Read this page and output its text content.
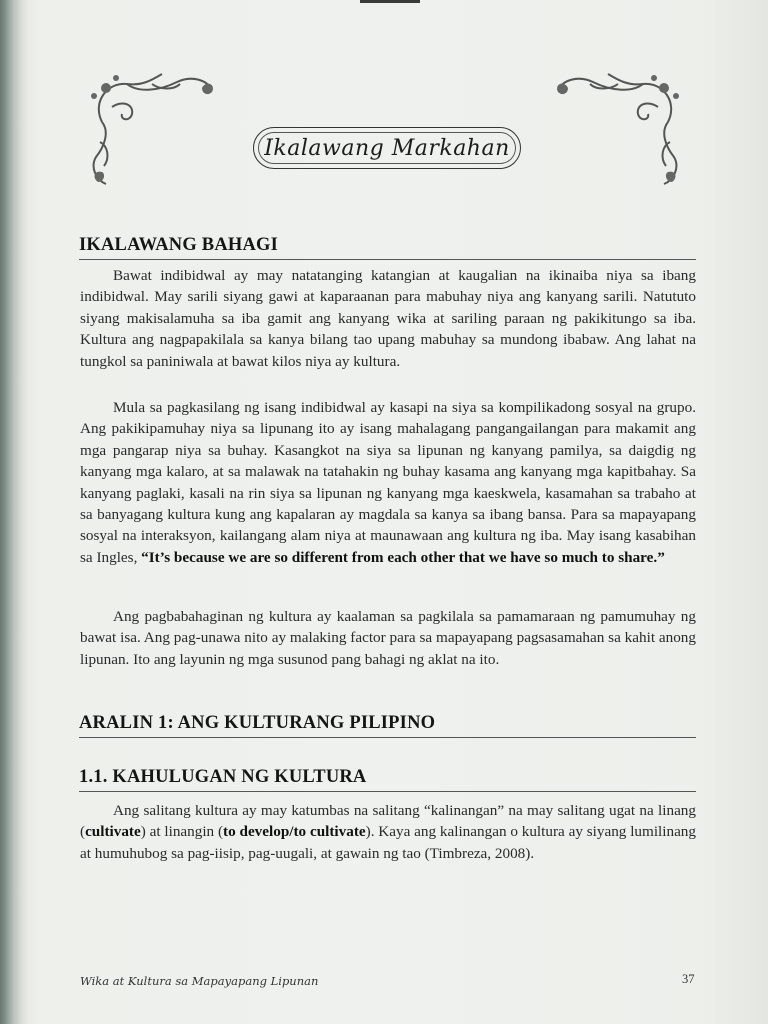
Ikalawang Markahan
IKALAWANG BAHAGI

Bawat indibidwal ay may natatanging katangian at kaugalian na ikinaiba niya sa ibang indibidwal. May sarili siyang gawi at kaparaanan para mabuhay niya ang kanyang sarili. Natututo siyang makisalamuha sa iba gamit ang kanyang wika at sariling paraan ng pakikitungo sa iba. Kultura ang nagpapakilala sa kanya bilang tao upang mabuhay sa mundong ibabaw. Ang lahat na tungkol sa paniniwala at bawat kilos niya ay kultura.

Mula sa pagkasilang ng isang indibidwal ay kasapi na siya sa kompilikadong sosyal na grupo. Ang pakikipamuhay niya sa lipunang ito ay isang mahalagang pangangailangan para makamit ang mga pangarap niya sa buhay. Kasangkot na siya sa lipunan ng kanyang pamilya, sa daigdig ng kanyang mga kalaro, at sa malawak na tatahakin ng buhay kasama ang kanyang mga kapitbahay. Sa kanyang paglaki, kasali na rin siya sa lipunan ng kanyang mga kaeskwela, kasamahan sa trabaho at sa banyagang kultura kung ang kapalaran ay magdala sa kanya sa ibang bansa. Para sa mapayapang sosyal na interaksyon, kailangang alam niya at maunawaan ang kultura ng iba. May isang kasabihan sa Ingles, “It’s because we are so different from each other that we have so much to share.”

Ang pagbabahaginan ng kultura ay kaalaman sa pagkilala sa pamamaraan ng pamumuhay ng bawat isa. Ang pag-unawa nito ay malaking factor para sa mapayapang pagsasamahan sa kahit anong lipunan. Ito ang layunin ng mga susunod pang bahagi ng aklat na ito.

ARALIN 1: ANG KULTURANG PILIPINO
1.1. KAHULUGAN NG KULTURA

Ang salitang kultura ay may katumbas na salitang “kalinangan” na may salitang ugat na linang (cultivate) at linangin (to develop/to cultivate). Kaya ang kalinangan o kultura ay siyang lumilinang at humuhubog sa pag-iisip, pag-uugali, at gawain ng tao (Timbreza, 2008).

Wika at Kultura sa Mapayapang Lipunan	37
